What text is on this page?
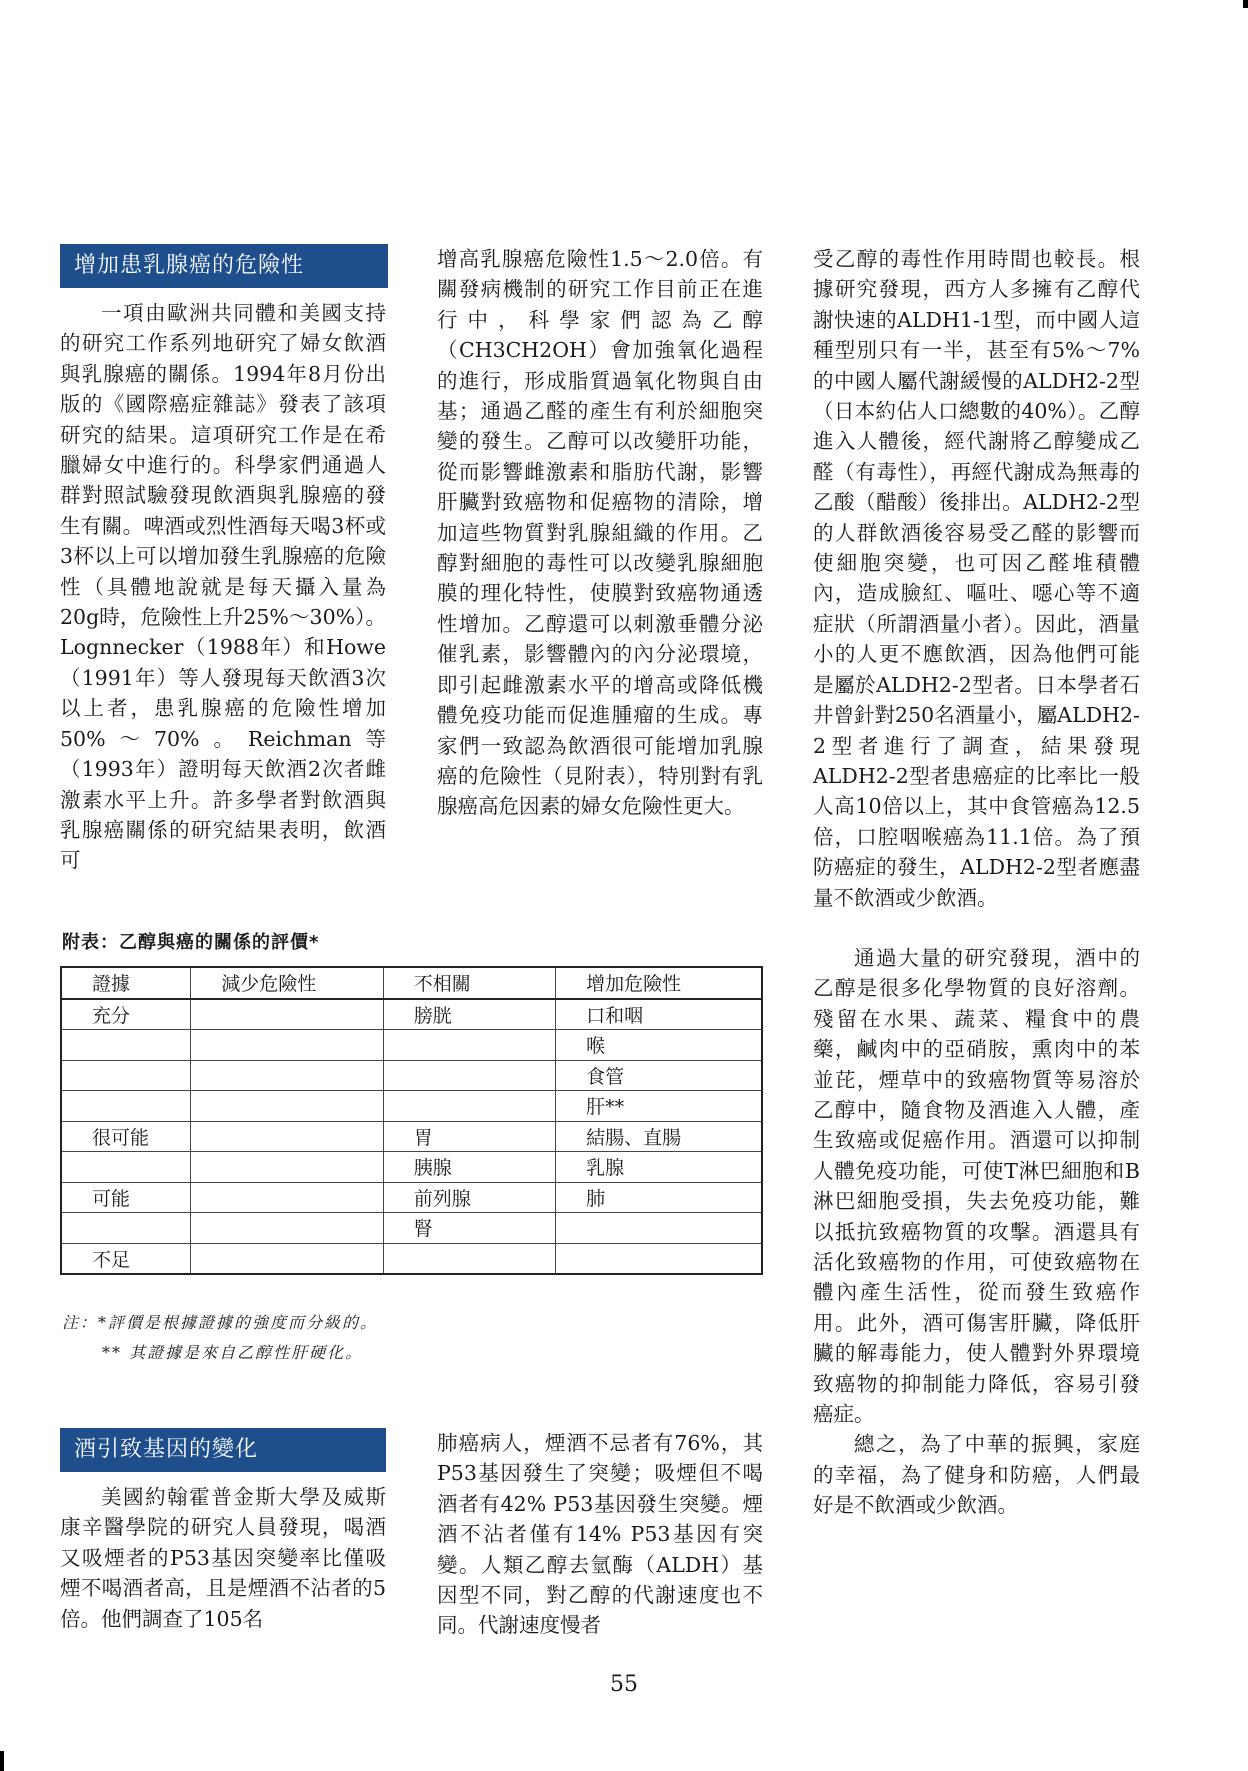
增加患乳腺癌的危險性

一項由歐洲共同體和美國支持的研究工作系列地研究了婦女飲酒與乳腺癌的關係。1994年8月份出版的《國際癌症雜誌》發表了該項研究的結果。這項研究工作是在希臘婦女中進行的。科學家們通過人群對照試驗發現飲酒與乳腺癌的發生有關。啤酒或烈性酒每天喝3杯或3杯以上可以增加發生乳腺癌的危險性（具體地說就是每天攝入量為20g時，危險性上升25%～30%）。Lognnecker（1988年）和Howe（1991年）等人發現每天飲酒3次以上者，患乳腺癌的危險性增加50%～70%。Reichman等（1993年）證明每天飲酒2次者雌激素水平上升。許多學者對飲酒與乳腺癌關係的研究結果表明，飲酒可

增高乳腺癌危險性1.5～2.0倍。有關發病機制的研究工作目前正在進行中，科學家們認為乙醇（CH3CH2OH）會加強氧化過程的進行，形成脂質過氧化物與自由基；通過乙醛的產生有利於細胞突變的發生。乙醇可以改變肝功能，從而影響雌激素和脂肪代謝，影響肝臟對致癌物和促癌物的清除，增加這些物質對乳腺組織的作用。乙醇對細胞的毒性可以改變乳腺細胞膜的理化特性，使膜對致癌物通透性增加。乙醇還可以刺激垂體分泌催乳素，影響體內的內分泌環境，即引起雌激素水平的增高或降低機體免疫功能而促進腫瘤的生成。專家們一致認為飲酒很可能增加乳腺癌的危險性（見附表），特別對有乳腺癌高危因素的婦女危險性更大。

受乙醇的毒性作用時間也較長。根據研究發現，西方人多擁有乙醇代謝快速的ALDH1-1型，而中國人這種型別只有一半，甚至有5%～7%的中國人屬代謝緩慢的ALDH2-2型（日本約佔人口總數的40%）。乙醇進入人體後，經代謝將乙醇變成乙醛（有毒性），再經代謝成為無毒的乙酸（醋酸）後排出。ALDH2-2型的人群飲酒後容易受乙醛的影響而使細胞突變，也可因乙醛堆積體內，造成臉紅、嘔吐、噁心等不適症狀（所謂酒量小者）。因此，酒量小的人更不應飲酒，因為他們可能是屬於ALDH2-2型者。日本學者石井曾針對250名酒量小，屬ALDH2-2型者進行了調查，結果發現ALDH2-2型者患癌症的比率比一般人高10倍以上，其中食管癌為12.5倍，口腔咽喉癌為11.1倍。為了預防癌症的發生，ALDH2-2型者應盡量不飲酒或少飲酒。

通過大量的研究發現，酒中的乙醇是很多化學物質的良好溶劑。殘留在水果、蔬菜、糧食中的農藥，鹹肉中的亞硝胺，熏肉中的苯並芘，煙草中的致癌物質等易溶於乙醇中，隨食物及酒進入人體，產生致癌或促癌作用。酒還可以抑制人體免疫功能，可使T淋巴細胞和B淋巴細胞受損，失去免疫功能，難以抵抗致癌物質的攻擊。酒還具有活化致癌物的作用，可使致癌物在體內產生活性，從而發生致癌作用。此外，酒可傷害肝臟，降低肝臟的解毒能力，使人體對外界環境致癌物的抑制能力降低，容易引發癌症。

總之，為了中華的振興，家庭的幸福，為了健身和防癌，人們最好是不飲酒或少飲酒。

附表：乙醇與癌的關係的評價*
證據	減少危險性	不相關	增加危險性
充分		膀胱	口和咽
			喉
			食管
			肝**
很可能		胃	結腸、直腸
		胰腺	乳腺
可能		前列腺	肺
		腎	
不足			
注：*評價是根據證據的強度而分級的。
** 其證據是來自乙醇性肝硬化。
酒引致基因的變化

美國約翰霍普金斯大學及威斯康辛醫學院的研究人員發現，喝酒又吸煙者的P53基因突變率比僅吸煙不喝酒者高，且是煙酒不沾者的5倍。他們調查了105名

肺癌病人，煙酒不忌者有76%，其P53基因發生了突變；吸煙但不喝酒者有42% P53基因發生突變。煙酒不沾者僅有14% P53基因有突變。人類乙醇去氫酶（ALDH）基因型不同，對乙醇的代謝速度也不同。代謝速度慢者

55
